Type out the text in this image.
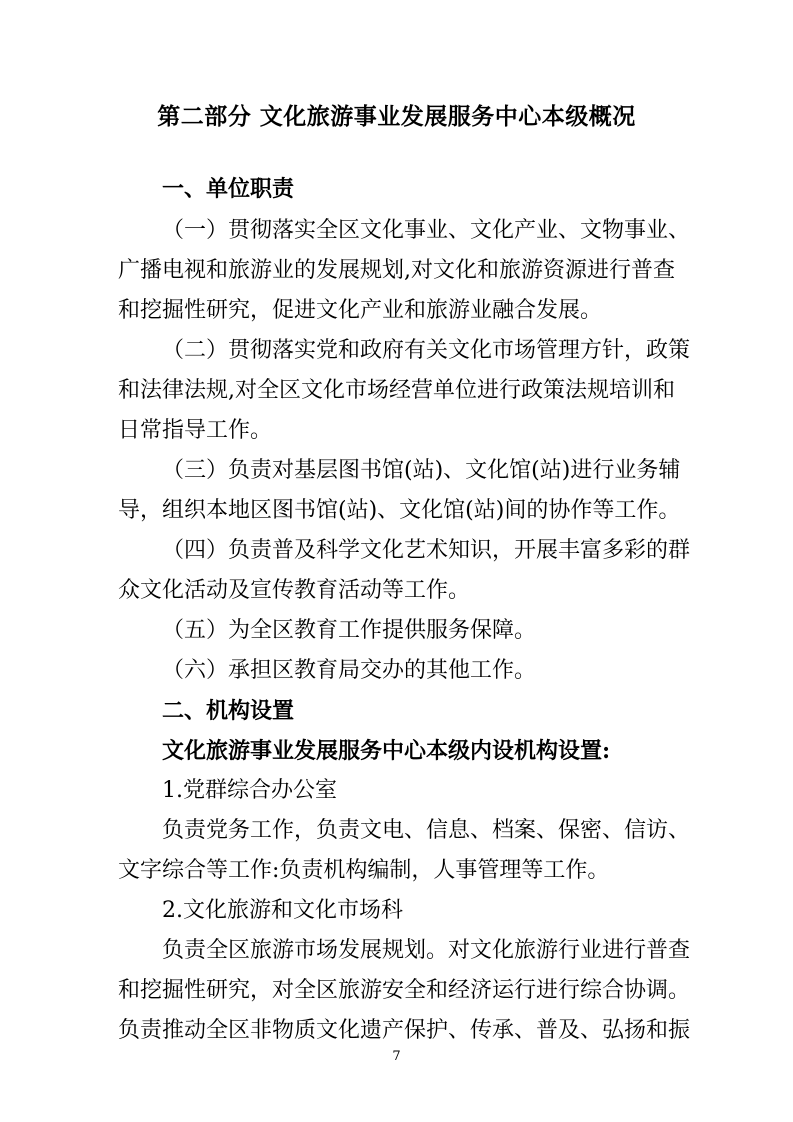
第二部分 文化旅游事业发展服务中心本级概况
一、单位职责
（一）贯彻落实全区文化事业、文化产业、文物事业、
广播电视和旅游业的发展规划,对文化和旅游资源进行普查
和挖掘性研究，促进文化产业和旅游业融合发展。
（二）贯彻落实党和政府有关文化市场管理方针，政策
和法律法规,对全区文化市场经营单位进行政策法规培训和
日常指导工作。
（三）负责对基层图书馆(站)、文化馆(站)进行业务辅
导，组织本地区图书馆(站)、文化馆(站)间的协作等工作。
（四）负责普及科学文化艺术知识，开展丰富多彩的群
众文化活动及宣传教育活动等工作。
（五）为全区教育工作提供服务保障。
（六）承担区教育局交办的其他工作。
二、机构设置
文化旅游事业发展服务中心本级内设机构设置:
1.党群综合办公室
负责党务工作，负责文电、信息、档案、保密、信访、
文字综合等工作:负责机构编制，人事管理等工作。
2.文化旅游和文化市场科
负责全区旅游市场发展规划。对文化旅游行业进行普查
和挖掘性研究，对全区旅游安全和经济运行进行综合协调。
负责推动全区非物质文化遗产保护、传承、普及、弘扬和振
7
